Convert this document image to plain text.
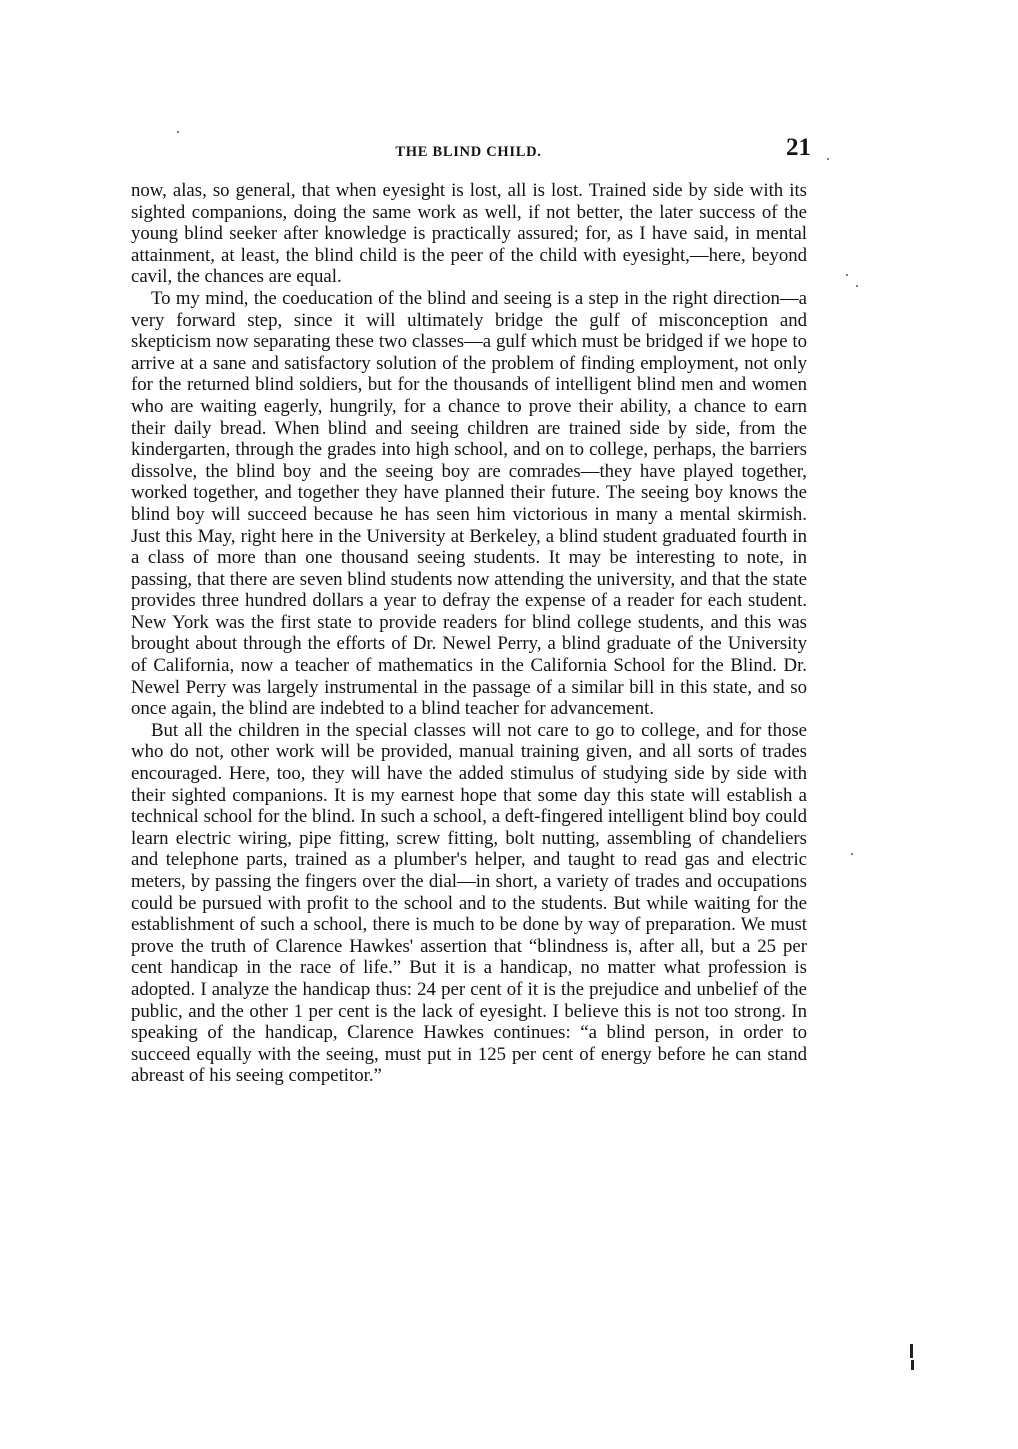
THE BLIND CHILD.	21

now, alas, so general, that when eyesight is lost, all is lost. Trained side by side with its sighted companions, doing the same work as well, if not better, the later success of the young blind seeker after knowledge is practically assured; for, as I have said, in mental attainment, at least, the blind child is the peer of the child with eyesight,—here, beyond cavil, the chances are equal.

To my mind, the coeducation of the blind and seeing is a step in the right direction—a very forward step, since it will ultimately bridge the gulf of misconception and skepticism now separating these two classes—a gulf which must be bridged if we hope to arrive at a sane and satisfactory solution of the problem of finding employment, not only for the returned blind soldiers, but for the thousands of intelligent blind men and women who are waiting eagerly, hungrily, for a chance to prove their ability, a chance to earn their daily bread. When blind and seeing children are trained side by side, from the kindergarten, through the grades into high school, and on to college, perhaps, the barriers dissolve, the blind boy and the seeing boy are comrades—they have played together, worked together, and together they have planned their future. The seeing boy knows the blind boy will succeed because he has seen him victorious in many a mental skirmish. Just this May, right here in the University at Berkeley, a blind student graduated fourth in a class of more than one thousand seeing students. It may be interesting to note, in passing, that there are seven blind students now attending the university, and that the state provides three hundred dollars a year to defray the expense of a reader for each student. New York was the first state to provide readers for blind college students, and this was brought about through the efforts of Dr. Newel Perry, a blind graduate of the University of California, now a teacher of mathematics in the California School for the Blind. Dr. Newel Perry was largely instrumental in the passage of a similar bill in this state, and so once again, the blind are indebted to a blind teacher for advancement.

But all the children in the special classes will not care to go to college, and for those who do not, other work will be provided, manual training given, and all sorts of trades encouraged. Here, too, they will have the added stimulus of studying side by side with their sighted companions. It is my earnest hope that some day this state will establish a technical school for the blind. In such a school, a deft-fingered intelligent blind boy could learn electric wiring, pipe fitting, screw fitting, bolt nutting, assembling of chandeliers and telephone parts, trained as a plumber's helper, and taught to read gas and electric meters, by passing the fingers over the dial—in short, a variety of trades and occupations could be pursued with profit to the school and to the students. But while waiting for the establishment of such a school, there is much to be done by way of preparation. We must prove the truth of Clarence Hawkes' assertion that “blindness is, after all, but a 25 per cent handicap in the race of life.” But it is a handicap, no matter what profession is adopted. I analyze the handicap thus: 24 per cent of it is the prejudice and unbelief of the public, and the other 1 per cent is the lack of eyesight. I believe this is not too strong. In speaking of the handicap, Clarence Hawkes continues: “a blind person, in order to succeed equally with the seeing, must put in 125 per cent of energy before he can stand abreast of his seeing competitor.”
